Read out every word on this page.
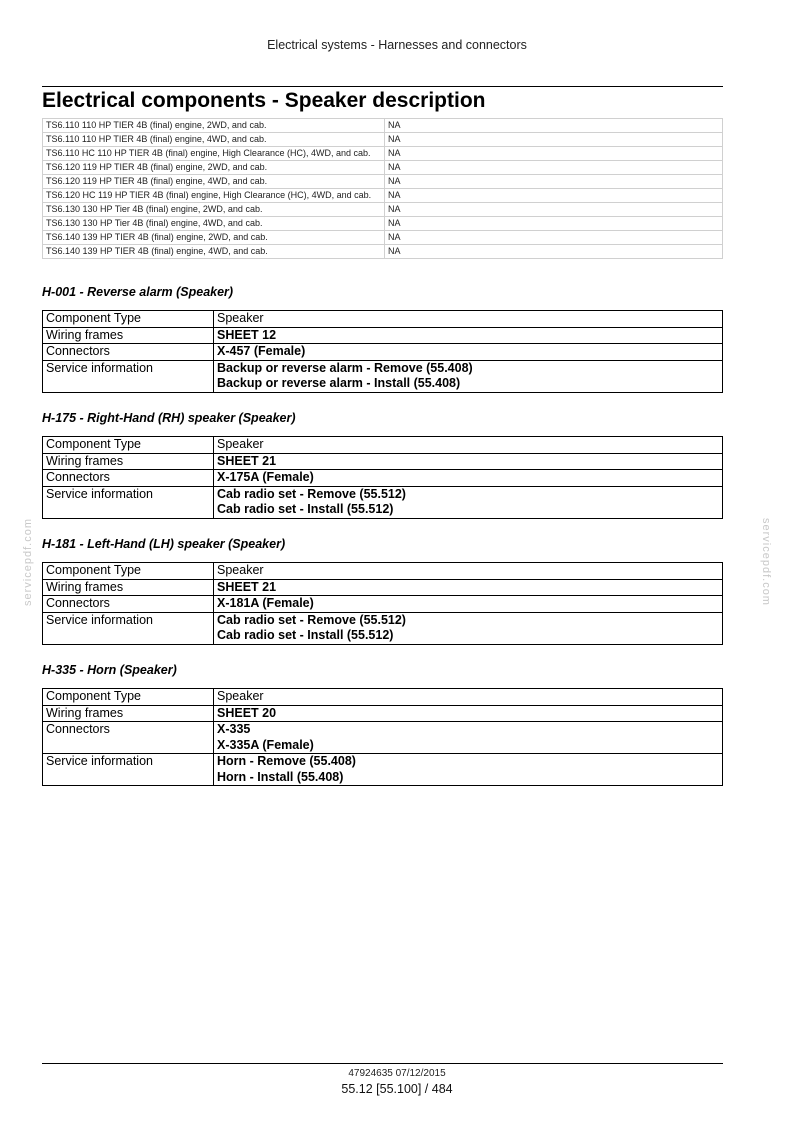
Electrical systems - Harnesses and connectors
Electrical components - Speaker description
TS6.110 110 HP TIER 4B (final) engine, 2WD, and cab.	NA
TS6.110 110 HP TIER 4B (final) engine, 4WD, and cab.	NA
TS6.110 HC 110 HP TIER 4B (final) engine, High Clearance (HC), 4WD, and cab.	NA
TS6.120 119 HP TIER 4B (final) engine, 2WD, and cab.	NA
TS6.120 119 HP TIER 4B (final) engine, 4WD, and cab.	NA
TS6.120 HC 119 HP TIER 4B (final) engine, High Clearance (HC), 4WD, and cab.	NA
TS6.130 130 HP Tier 4B (final) engine, 2WD, and cab.	NA
TS6.130 130 HP Tier 4B (final) engine, 4WD, and cab.	NA
TS6.140 139 HP TIER 4B (final) engine, 2WD, and cab.	NA
TS6.140 139 HP TIER 4B (final) engine, 4WD, and cab.	NA
H-001 - Reverse alarm (Speaker)
Component Type	Speaker
Wiring frames	SHEET 12
Connectors	X-457 (Female)

Service information	Backup or reverse alarm - Remove (55.408)
Backup or reverse alarm - Install (55.408)
H-175 - Right-Hand (RH) speaker (Speaker)
Component Type	Speaker
Wiring frames	SHEET 21
Connectors	X-175A (Female)

Service information	Cab radio set - Remove (55.512)
Cab radio set - Install (55.512)
H-181 - Left-Hand (LH) speaker (Speaker)
Component Type	Speaker
Wiring frames	SHEET 21
Connectors	X-181A (Female)

Service information	Cab radio set - Remove (55.512)
Cab radio set - Install (55.512)
H-335 - Horn (Speaker)
Component Type	Speaker
Wiring frames	SHEET 20
Connectors	X-335
X-335A (Female)

Service information	Horn - Remove (55.408)
Horn - Install (55.408)
servicepdf.com	servicepdf.com
47924635 07/12/2015
55.12 [55.100] / 484
